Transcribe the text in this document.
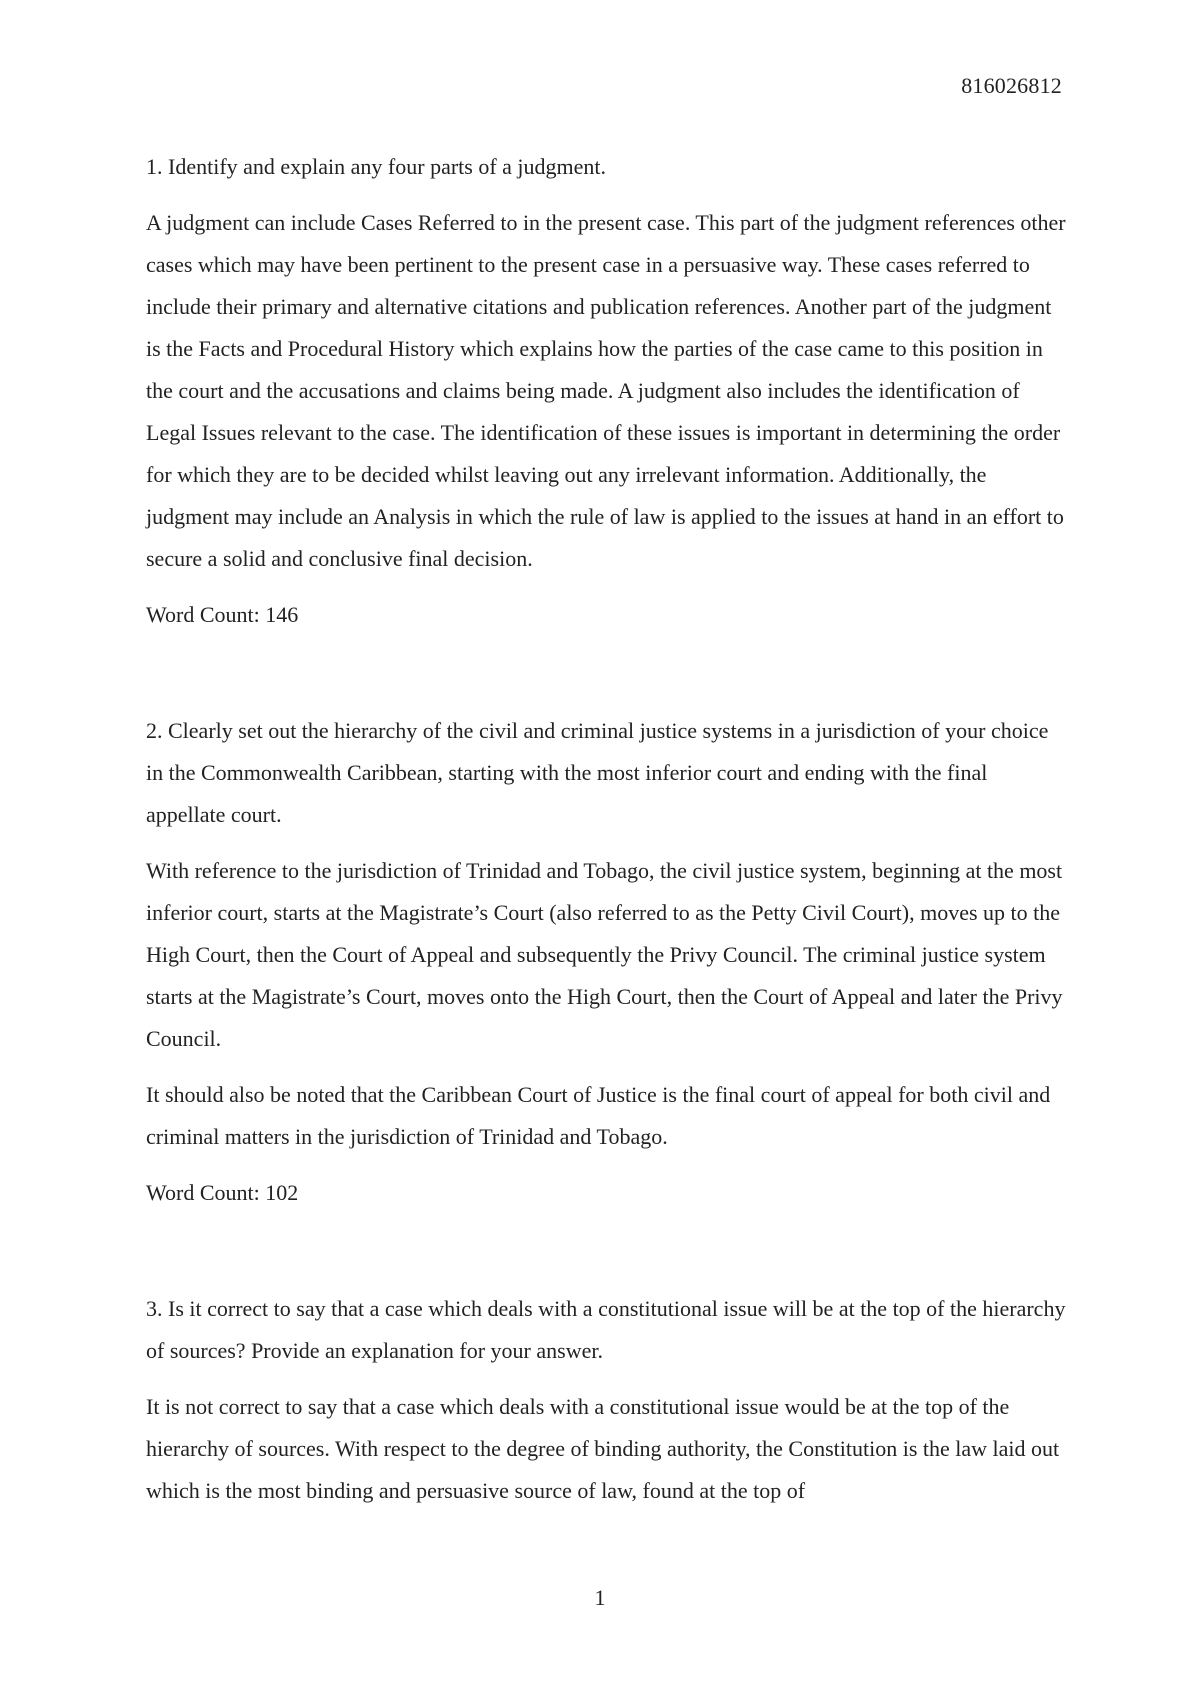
816026812
1. Identify and explain any four parts of a judgment.
A judgment can include Cases Referred to in the present case. This part of the judgment references other cases which may have been pertinent to the present case in a persuasive way. These cases referred to include their primary and alternative citations and publication references. Another part of the judgment is the Facts and Procedural History which explains how the parties of the case came to this position in the court and the accusations and claims being made. A judgment also includes the identification of Legal Issues relevant to the case. The identification of these issues is important in determining the order for which they are to be decided whilst leaving out any irrelevant information. Additionally, the judgment may include an Analysis in which the rule of law is applied to the issues at hand in an effort to secure a solid and conclusive final decision.
Word Count: 146
2. Clearly set out the hierarchy of the civil and criminal justice systems in a jurisdiction of your choice in the Commonwealth Caribbean, starting with the most inferior court and ending with the final appellate court.
With reference to the jurisdiction of Trinidad and Tobago, the civil justice system, beginning at the most inferior court, starts at the Magistrate’s Court (also referred to as the Petty Civil Court), moves up to the High Court, then the Court of Appeal and subsequently the Privy Council. The criminal justice system starts at the Magistrate’s Court, moves onto the High Court, then the Court of Appeal and later the Privy Council.
It should also be noted that the Caribbean Court of Justice is the final court of appeal for both civil and criminal matters in the jurisdiction of Trinidad and Tobago.
Word Count: 102
3. Is it correct to say that a case which deals with a constitutional issue will be at the top of the hierarchy of sources? Provide an explanation for your answer.
It is not correct to say that a case which deals with a constitutional issue would be at the top of the hierarchy of sources. With respect to the degree of binding authority, the Constitution is the law laid out which is the most binding and persuasive source of law, found at the top of
1
